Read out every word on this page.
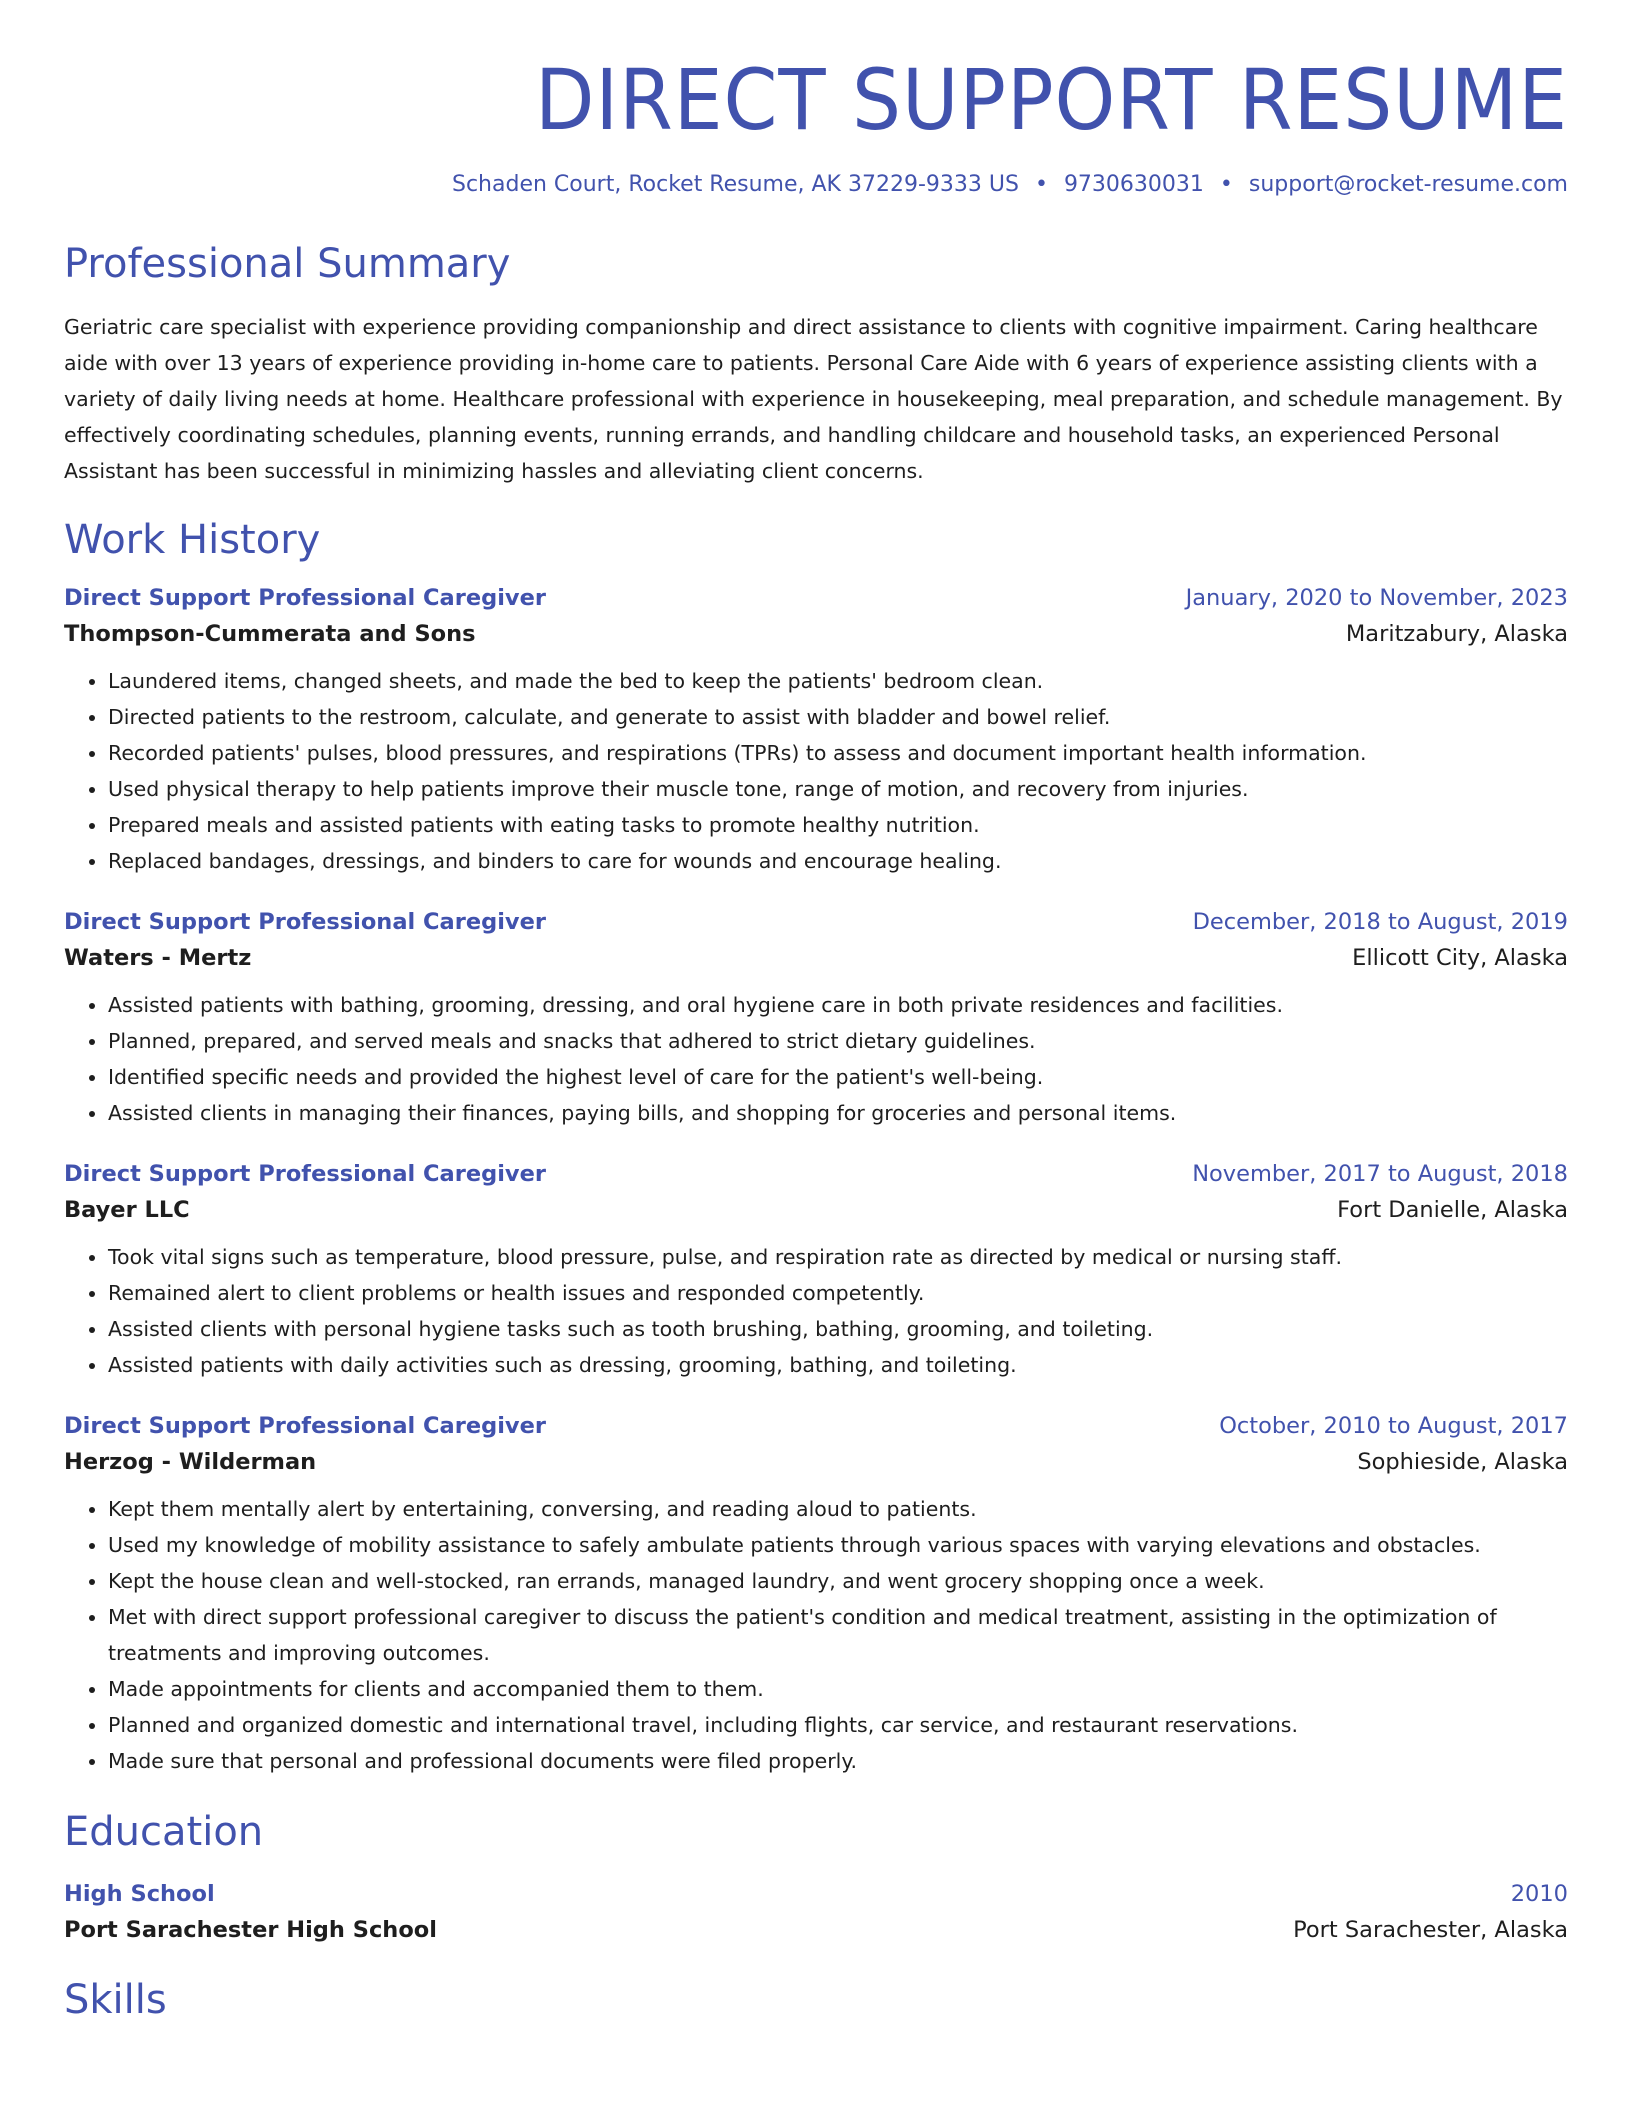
DIRECT SUPPORT RESUME
Schaden Court, Rocket Resume, AK 37229-9333 US • 9730630031 • support@rocket-resume.com
Professional Summary
Geriatric care specialist with experience providing companionship and direct assistance to clients with cognitive impairment. Caring healthcare aide with over 13 years of experience providing in-home care to patients. Personal Care Aide with 6 years of experience assisting clients with a variety of daily living needs at home. Healthcare professional with experience in housekeeping, meal preparation, and schedule management. By effectively coordinating schedules, planning events, running errands, and handling childcare and household tasks, an experienced Personal Assistant has been successful in minimizing hassles and alleviating client concerns.
Work History
Direct Support Professional Caregiver	January, 2020 to November, 2023
Thompson-Cummerata and Sons	Maritzabury, Alaska
• Laundered items, changed sheets, and made the bed to keep the patients' bedroom clean.
• Directed patients to the restroom, calculate, and generate to assist with bladder and bowel relief.
• Recorded patients' pulses, blood pressures, and respirations (TPRs) to assess and document important health information.
• Used physical therapy to help patients improve their muscle tone, range of motion, and recovery from injuries.
• Prepared meals and assisted patients with eating tasks to promote healthy nutrition.
• Replaced bandages, dressings, and binders to care for wounds and encourage healing.
Direct Support Professional Caregiver	December, 2018 to August, 2019
Waters - Mertz	Ellicott City, Alaska
• Assisted patients with bathing, grooming, dressing, and oral hygiene care in both private residences and facilities.
• Planned, prepared, and served meals and snacks that adhered to strict dietary guidelines.
• Identified specific needs and provided the highest level of care for the patient's well-being.
• Assisted clients in managing their finances, paying bills, and shopping for groceries and personal items.
Direct Support Professional Caregiver	November, 2017 to August, 2018
Bayer LLC	Fort Danielle, Alaska
• Took vital signs such as temperature, blood pressure, pulse, and respiration rate as directed by medical or nursing staff.
• Remained alert to client problems or health issues and responded competently.
• Assisted clients with personal hygiene tasks such as tooth brushing, bathing, grooming, and toileting.
• Assisted patients with daily activities such as dressing, grooming, bathing, and toileting.
Direct Support Professional Caregiver	October, 2010 to August, 2017
Herzog - Wilderman	Sophieside, Alaska
• Kept them mentally alert by entertaining, conversing, and reading aloud to patients.
• Used my knowledge of mobility assistance to safely ambulate patients through various spaces with varying elevations and obstacles.
• Kept the house clean and well-stocked, ran errands, managed laundry, and went grocery shopping once a week.
• Met with direct support professional caregiver to discuss the patient's condition and medical treatment, assisting in the optimization of treatments and improving outcomes.
• Made appointments for clients and accompanied them to them.
• Planned and organized domestic and international travel, including flights, car service, and restaurant reservations.
• Made sure that personal and professional documents were filed properly.
Education
High School	2010
Port Sarachester High School	Port Sarachester, Alaska
Skills
